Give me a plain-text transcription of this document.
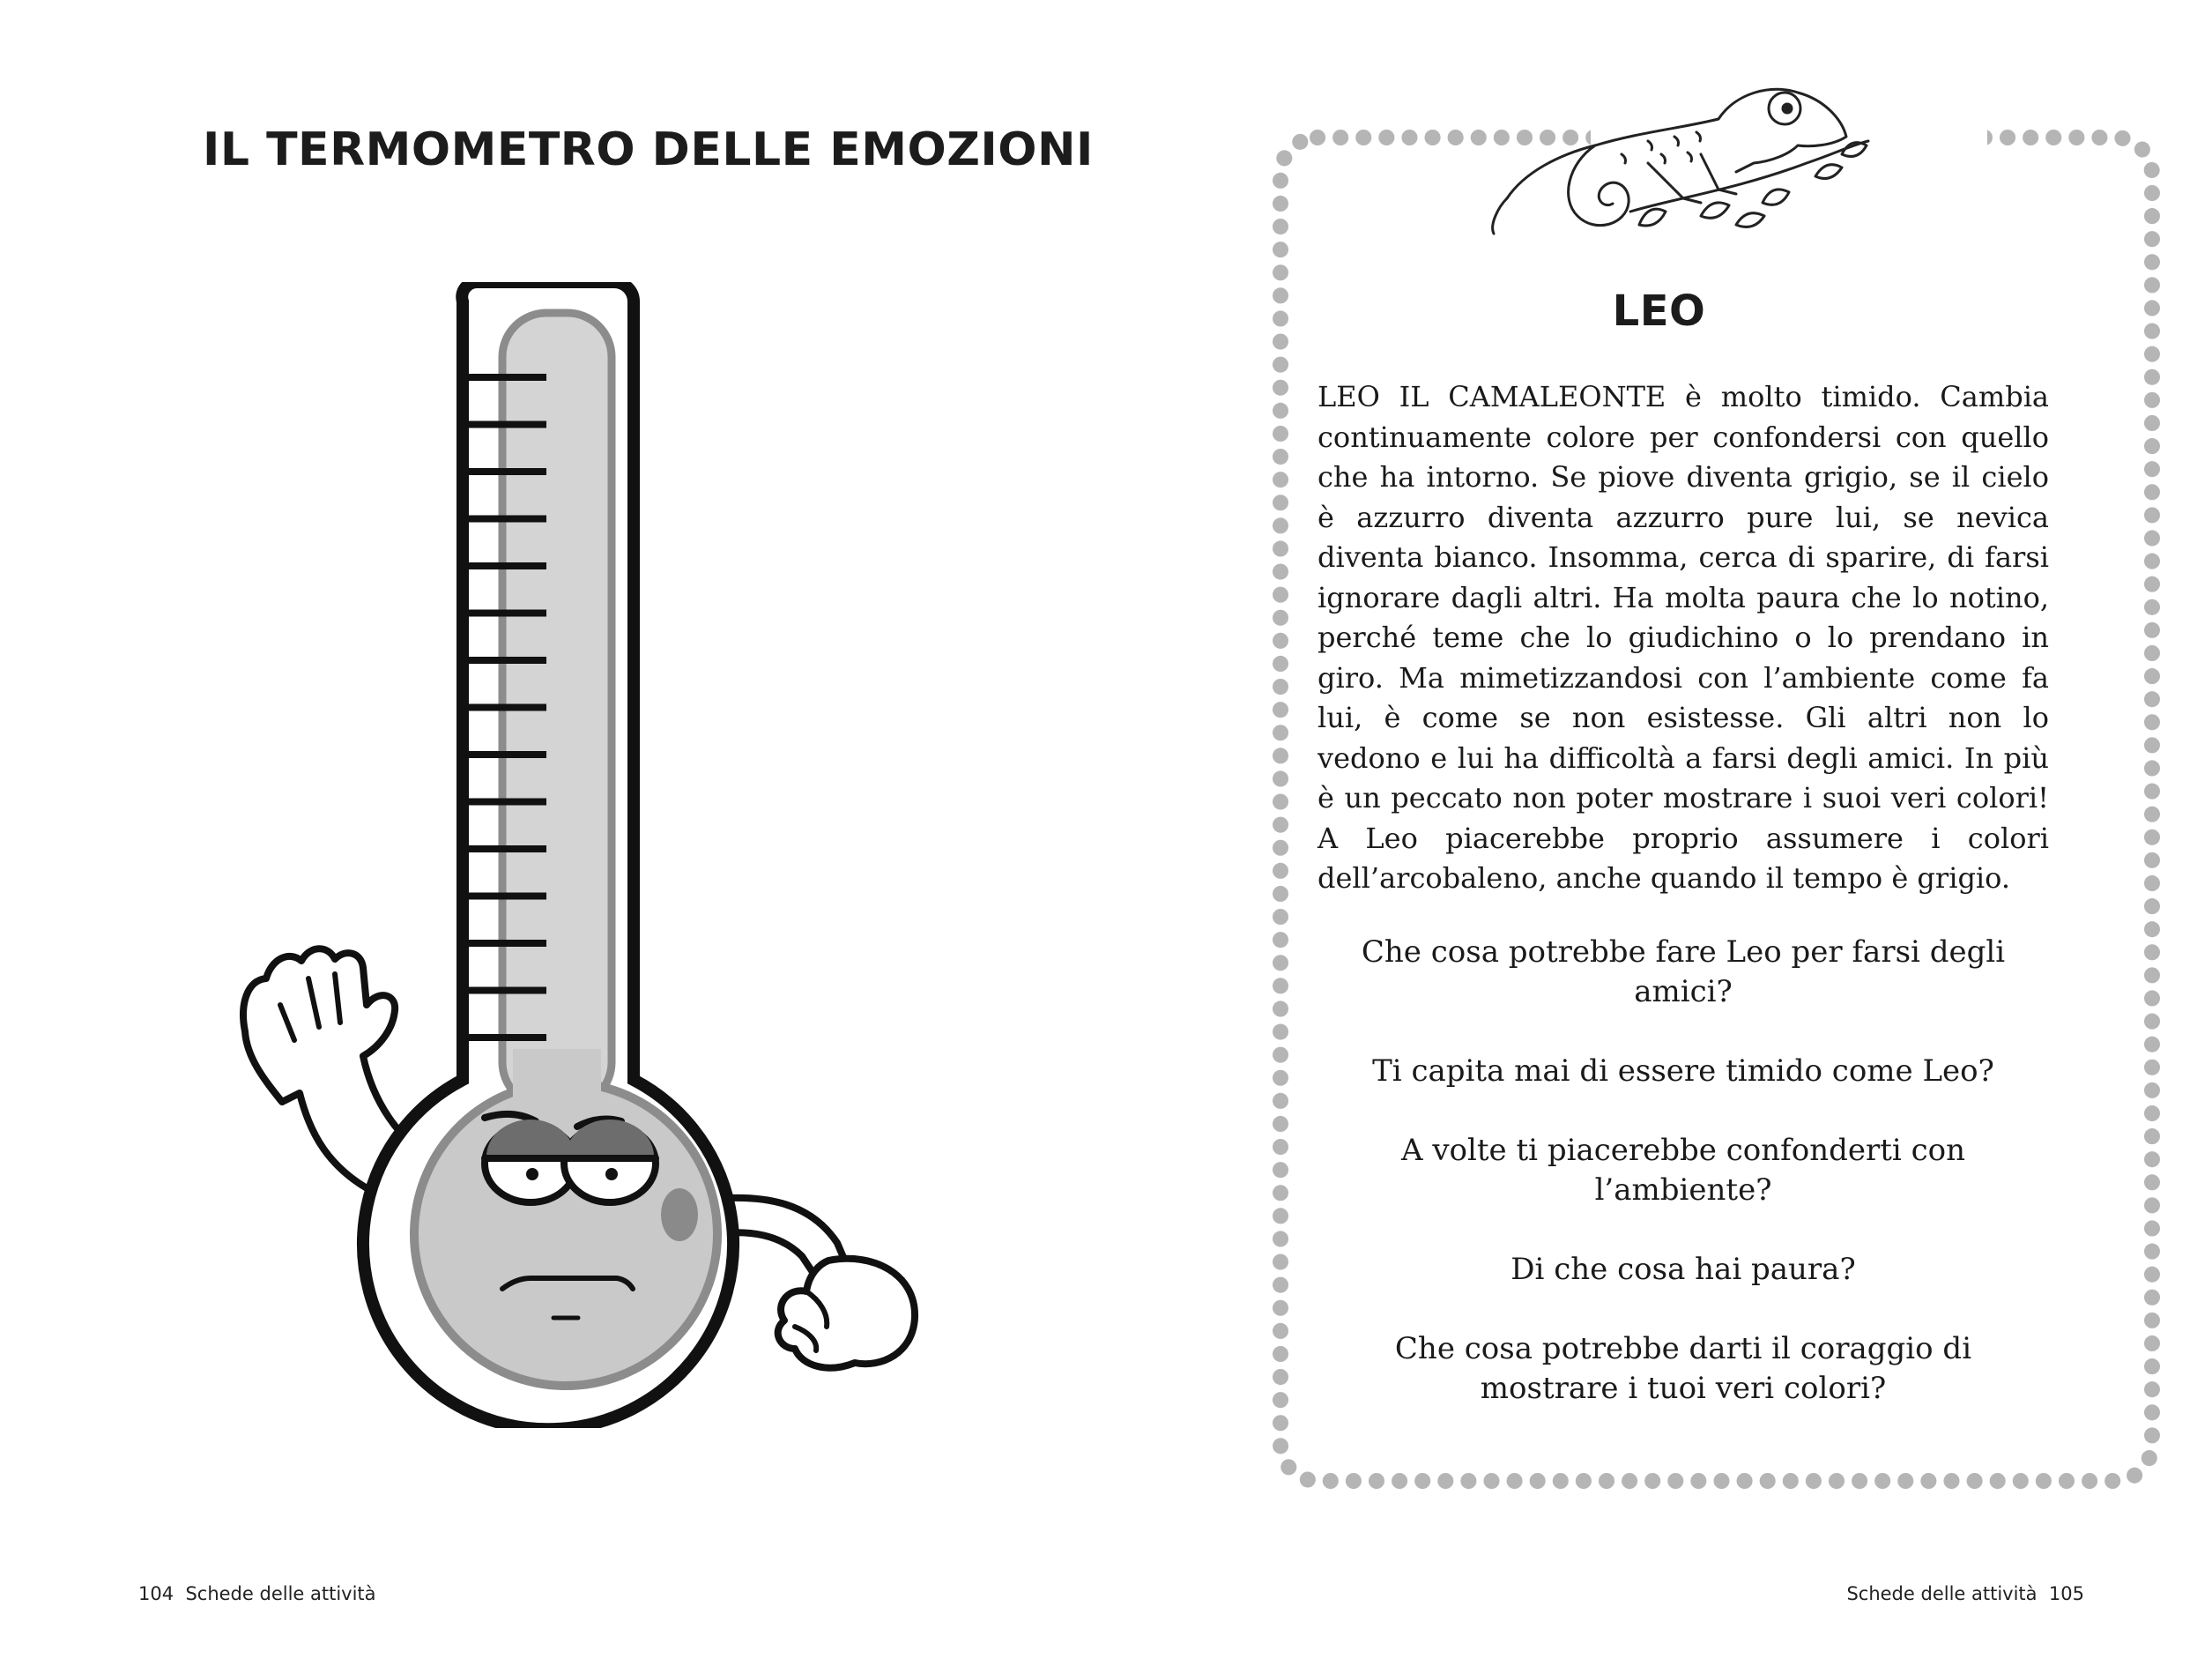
IL TERMOMETRO DELLE EMOZIONI
104 Schede delle attività
LEO
LEO IL CAMALEONTE è molto timido. Cambia continuamente colore per confondersi con quello che ha intorno. Se piove diventa grigio, se il cielo è azzurro diventa azzurro pure lui, se nevica diventa bianco. Insomma, cerca di sparire, di farsi ignorare dagli altri. Ha molta paura che lo notino, perché teme che lo giudichino o lo prendano in giro. Ma mimetizzandosi con l’ambiente come fa lui, è come se non esistesse. Gli altri non lo vedono e lui ha difficoltà a farsi degli amici. In più è un peccato non poter mostrare i suoi veri colori! A Leo piacerebbe proprio assumere i colori dell’arcobaleno, anche quando il tempo è grigio.

Che cosa potrebbe fare Leo per farsi degli amici?

Ti capita mai di essere timido come Leo?

A volte ti piacerebbe confonderti con l’ambiente?

Di che cosa hai paura?

Che cosa potrebbe darti il coraggio di mostrare i tuoi veri colori?

Schede delle attività 105
